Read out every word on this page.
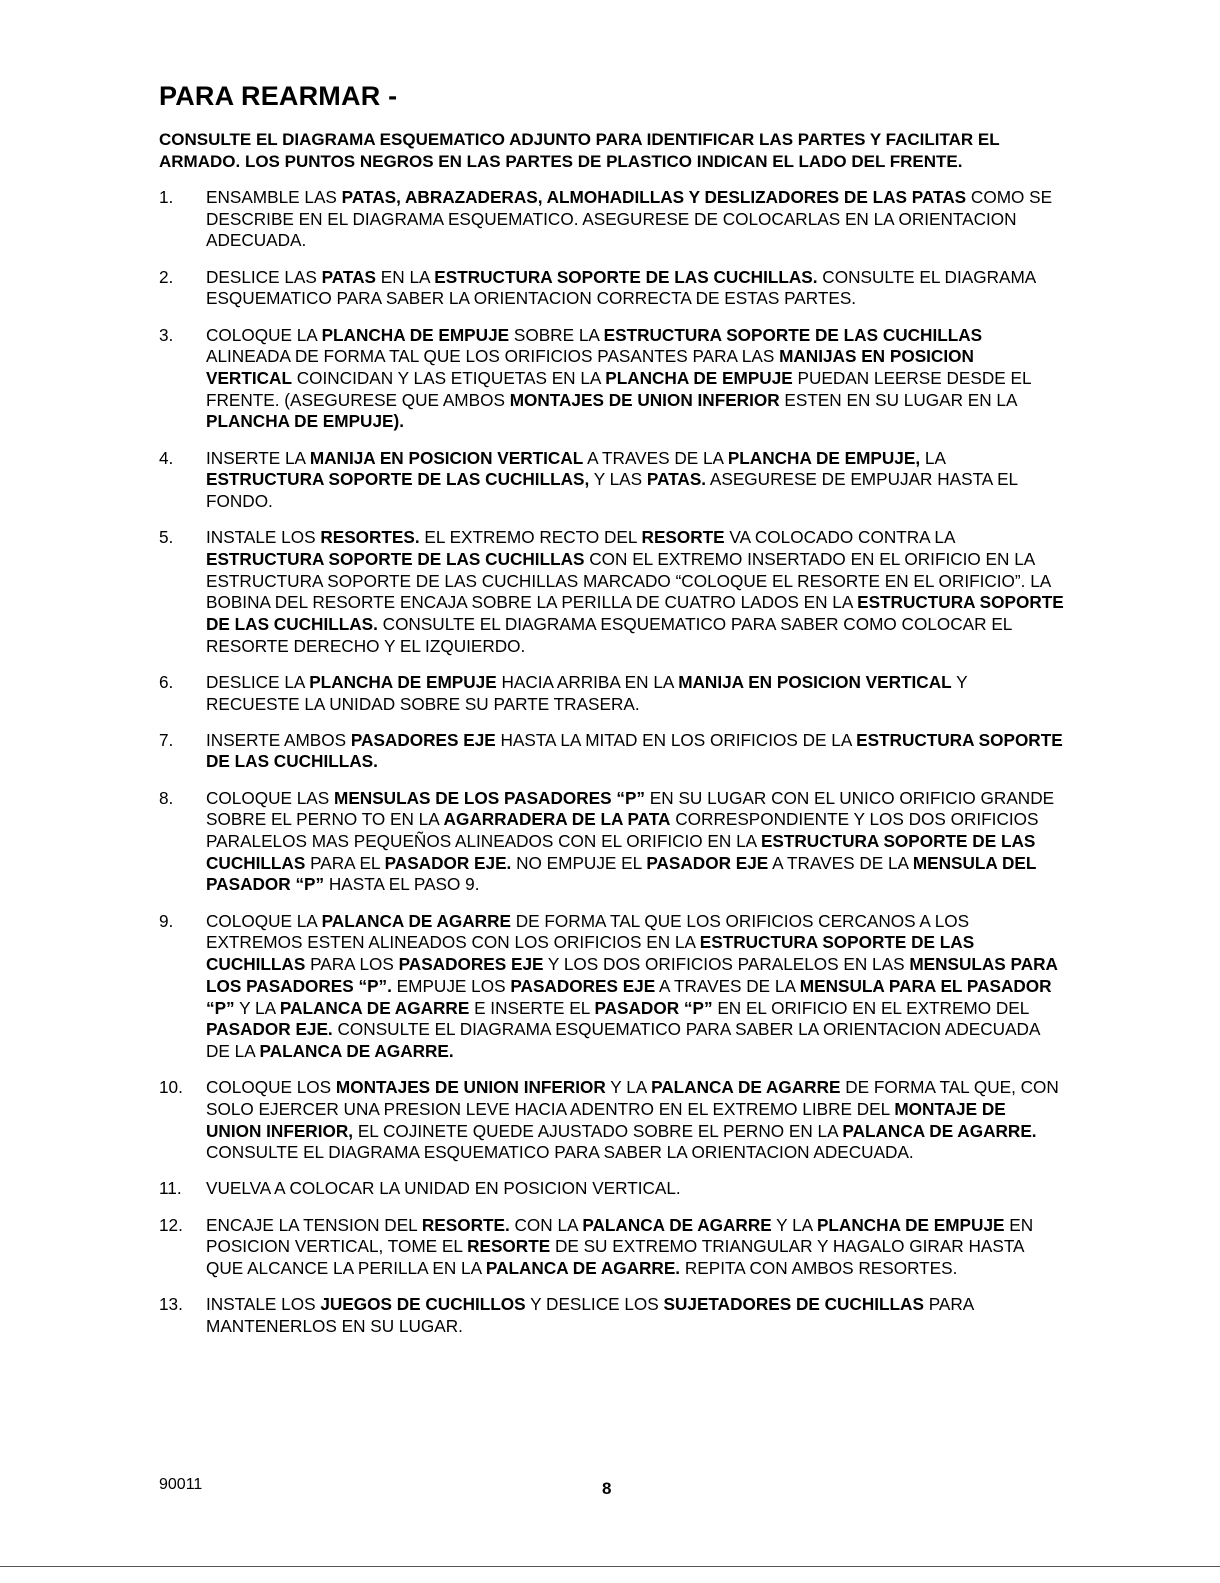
PARA REARMAR -

CONSULTE EL DIAGRAMA ESQUEMATICO ADJUNTO PARA IDENTIFICAR LAS PARTES Y FACILITAR EL ARMADO. LOS PUNTOS NEGROS EN LAS PARTES DE PLASTICO INDICAN EL LADO DEL FRENTE.

1. ENSAMBLE LAS PATAS, ABRAZADERAS, ALMOHADILLAS Y DESLIZADORES DE LAS PATAS COMO SE DESCRIBE EN EL DIAGRAMA ESQUEMATICO. ASEGURESE DE COLOCARLAS EN LA ORIENTACION ADECUADA.
2. DESLICE LAS PATAS EN LA ESTRUCTURA SOPORTE DE LAS CUCHILLAS. CONSULTE EL DIAGRAMA ESQUEMATICO PARA SABER LA ORIENTACION CORRECTA DE ESTAS PARTES.
3. COLOQUE LA PLANCHA DE EMPUJE SOBRE LA ESTRUCTURA SOPORTE DE LAS CUCHILLAS ALINEADA DE FORMA TAL QUE LOS ORIFICIOS PASANTES PARA LAS MANIJAS EN POSICION VERTICAL COINCIDAN Y LAS ETIQUETAS EN LA PLANCHA DE EMPUJE PUEDAN LEERSE DESDE EL FRENTE. (ASEGURESE QUE AMBOS MONTAJES DE UNION INFERIOR ESTEN EN SU LUGAR EN LA PLANCHA DE EMPUJE).
4. INSERTE LA MANIJA EN POSICION VERTICAL A TRAVES DE LA PLANCHA DE EMPUJE, LA ESTRUCTURA SOPORTE DE LAS CUCHILLAS, Y LAS PATAS. ASEGURESE DE EMPUJAR HASTA EL FONDO.
5. INSTALE LOS RESORTES. EL EXTREMO RECTO DEL RESORTE VA COLOCADO CONTRA LA ESTRUCTURA SOPORTE DE LAS CUCHILLAS CON EL EXTREMO INSERTADO EN EL ORIFICIO EN LA ESTRUCTURA SOPORTE DE LAS CUCHILLAS MARCADO “COLOQUE EL RESORTE EN EL ORIFICIO”. LA BOBINA DEL RESORTE ENCAJA SOBRE LA PERILLA DE CUATRO LADOS EN LA ESTRUCTURA SOPORTE DE LAS CUCHILLAS. CONSULTE EL DIAGRAMA ESQUEMATICO PARA SABER COMO COLOCAR EL RESORTE DERECHO Y EL IZQUIERDO.
6. DESLICE LA PLANCHA DE EMPUJE HACIA ARRIBA EN LA MANIJA EN POSICION VERTICAL Y RECUESTE LA UNIDAD SOBRE SU PARTE TRASERA.
7. INSERTE AMBOS PASADORES EJE HASTA LA MITAD EN LOS ORIFICIOS DE LA ESTRUCTURA SOPORTE DE LAS CUCHILLAS.
8. COLOQUE LAS MENSULAS DE LOS PASADORES “P” EN SU LUGAR CON EL UNICO ORIFICIO GRANDE SOBRE EL PERNO TO EN LA AGARRADERA DE LA PATA CORRESPONDIENTE Y LOS DOS ORIFICIOS PARALELOS MAS PEQUEÑOS ALINEADOS CON EL ORIFICIO EN LA ESTRUCTURA SOPORTE DE LAS CUCHILLAS PARA EL PASADOR EJE. NO EMPUJE EL PASADOR EJE A TRAVES DE LA MENSULA DEL PASADOR “P” HASTA EL PASO 9.
9. COLOQUE LA PALANCA DE AGARRE DE FORMA TAL QUE LOS ORIFICIOS CERCANOS A LOS EXTREMOS ESTEN ALINEADOS CON LOS ORIFICIOS EN LA ESTRUCTURA SOPORTE DE LAS CUCHILLAS PARA LOS PASADORES EJE Y LOS DOS ORIFICIOS PARALELOS EN LAS MENSULAS PARA LOS PASADORES “P”. EMPUJE LOS PASADORES EJE A TRAVES DE LA MENSULA PARA EL PASADOR “P” Y LA PALANCA DE AGARRE E INSERTE EL PASADOR “P” EN EL ORIFICIO EN EL EXTREMO DEL PASADOR EJE. CONSULTE EL DIAGRAMA ESQUEMATICO PARA SABER LA ORIENTACION ADECUADA DE LA PALANCA DE AGARRE.
10. COLOQUE LOS MONTAJES DE UNION INFERIOR Y LA PALANCA DE AGARRE DE FORMA TAL QUE, CON SOLO EJERCER UNA PRESION LEVE HACIA ADENTRO EN EL EXTREMO LIBRE DEL MONTAJE DE UNION INFERIOR, EL COJINETE QUEDE AJUSTADO SOBRE EL PERNO EN LA PALANCA DE AGARRE. CONSULTE EL DIAGRAMA ESQUEMATICO PARA SABER LA ORIENTACION ADECUADA.
11. VUELVA A COLOCAR LA UNIDAD EN POSICION VERTICAL.
12. ENCAJE LA TENSION DEL RESORTE. CON LA PALANCA DE AGARRE Y LA PLANCHA DE EMPUJE EN POSICION VERTICAL, TOME EL RESORTE DE SU EXTREMO TRIANGULAR Y HAGALO GIRAR HASTA QUE ALCANCE LA PERILLA EN LA PALANCA DE AGARRE. REPITA CON AMBOS RESORTES.
13. INSTALE LOS JUEGOS DE CUCHILLOS Y DESLICE LOS SUJETADORES DE CUCHILLAS PARA MANTENERLOS EN SU LUGAR.
90011	8
